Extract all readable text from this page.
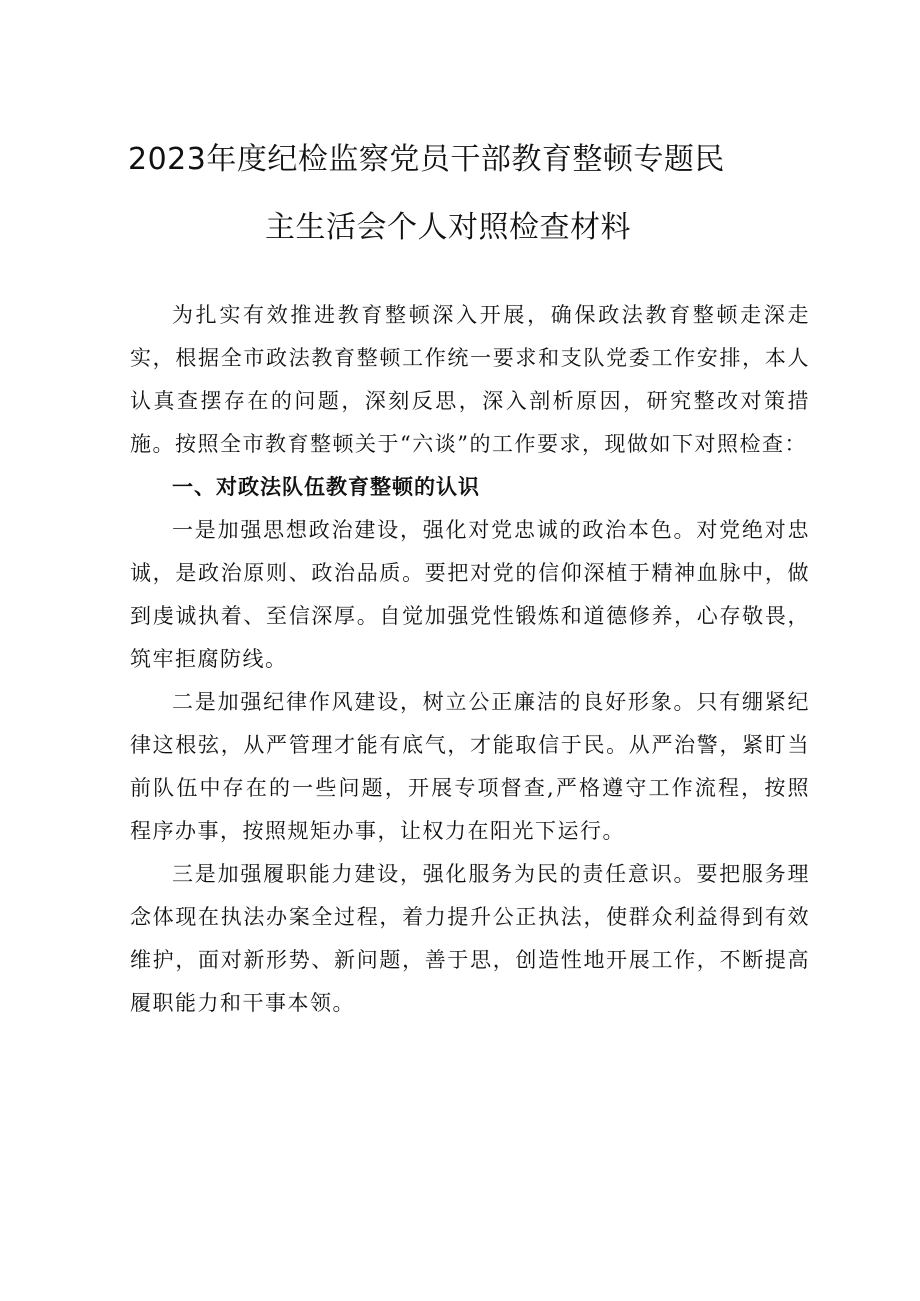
2023年度纪检监察党员干部教育整顿专题民
主生活会个人对照检查材料

为扎实有效推进教育整顿深入开展，确保政法教育整顿走深走实，根据全市政法教育整顿工作统一要求和支队党委工作安排，本人认真查摆存在的问题，深刻反思，深入剖析原因，研究整改对策措施。按照全市教育整顿关于“六谈”的工作要求，现做如下对照检查：

一、对政法队伍教育整顿的认识

一是加强思想政治建设，强化对党忠诚的政治本色。对党绝对忠诚，是政治原则、政治品质。要把对党的信仰深植于精神血脉中，做到虔诚执着、至信深厚。自觉加强党性锻炼和道德修养，心存敬畏，筑牢拒腐防线。

二是加强纪律作风建设，树立公正廉洁的良好形象。只有绷紧纪律这根弦，从严管理才能有底气，才能取信于民。从严治警，紧盯当前队伍中存在的一些问题，开展专项督查,严格遵守工作流程，按照程序办事，按照规矩办事，让权力在阳光下运行。

三是加强履职能力建设，强化服务为民的责任意识。要把服务理念体现在执法办案全过程，着力提升公正执法，使群众利益得到有效维护，面对新形势、新问题，善于思，创造性地开展工作，不断提高履职能力和干事本领。
